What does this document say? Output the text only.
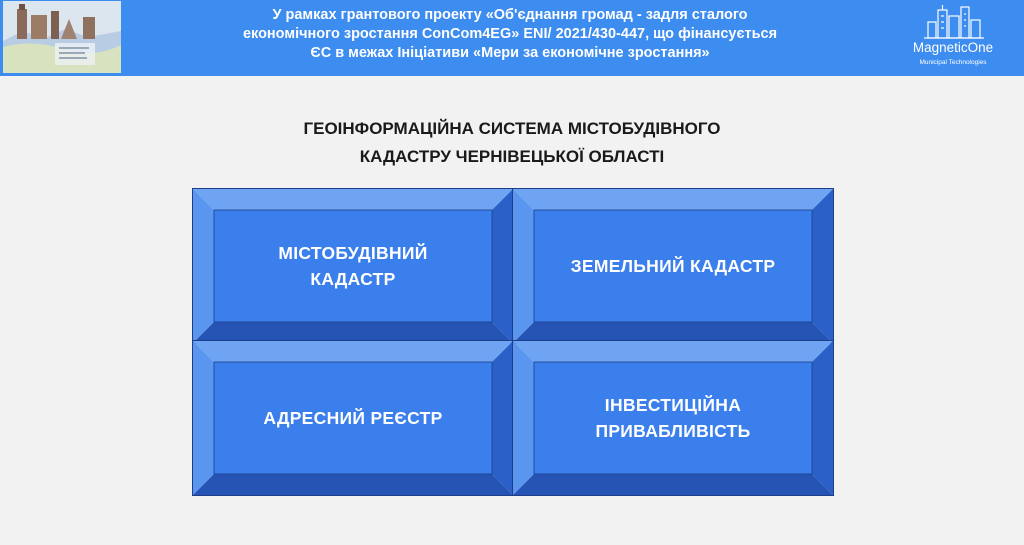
У рамках грантового проекту «Об'єднання громад - задля сталого
економічного зростання ConCom4EG» ENI/ 2021/430-447, що фінансується
ЄС в межах Ініціативи «Мери за економічне зростання»	MagneticOne
Municipal Technologies
ГЕОІНФОРМАЦІЙНА СИСТЕМА МІСТОБУДІВНОГО
КАДАСТРУ ЧЕРНІВЕЦЬКОЇ ОБЛАСТІ
МІСТОБУДІВНИЙ КАДАСТР
ЗЕМЕЛЬНИЙ КАДАСТР
АДРЕСНИЙ РЕЄСТР
ІНВЕСТИЦІЙНА ПРИВАБЛИВІСТЬ
